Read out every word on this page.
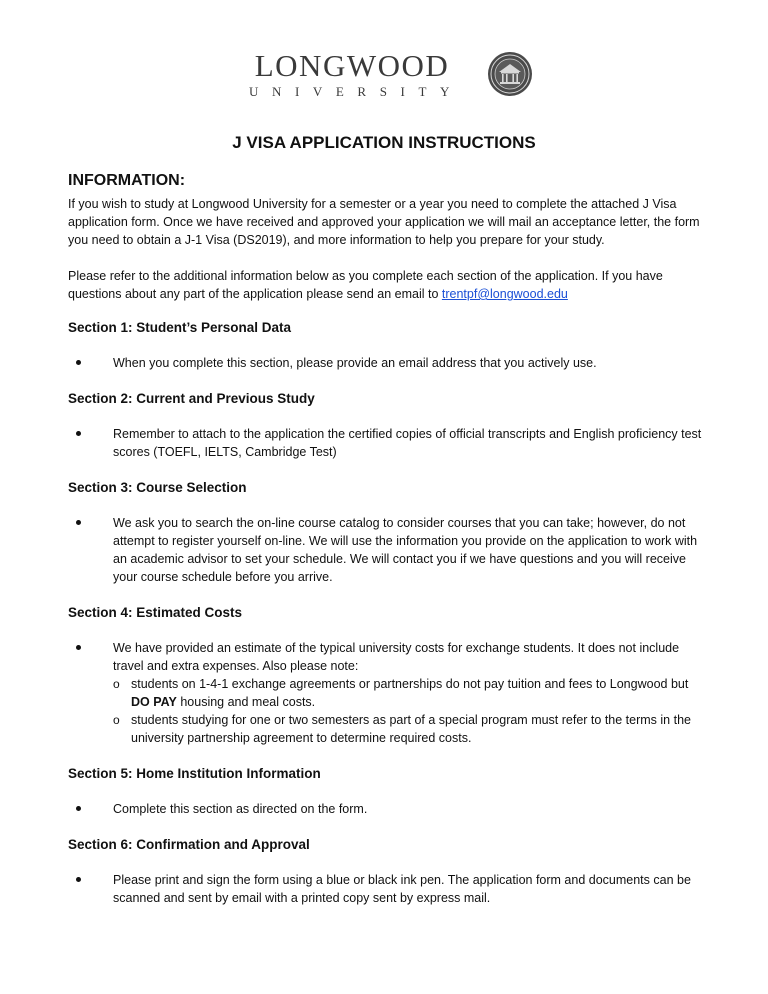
LONGWOOD
UNIVERSITY
J VISA APPLICATION INSTRUCTIONS
INFORMATION:

If you wish to study at Longwood University for a semester or a year you need to complete the attached J Visa application form. Once we have received and approved your application we will mail an acceptance letter, the form you need to obtain a J-1 Visa (DS2019), and more information to help you prepare for your study.

Please refer to the additional information below as you complete each section of the application. If you have questions about any part of the application please send an email to trentpf@longwood.edu

Section 1: Student’s Personal Data
When you complete this section, please provide an email address that you actively use.
Section 2: Current and Previous Study
Remember to attach to the application the certified copies of official transcripts and English proficiency test scores (TOEFL, IELTS, Cambridge Test)
Section 3: Course Selection
We ask you to search the on-line course catalog to consider courses that you can take; however, do not attempt to register yourself on-line. We will use the information you provide on the application to work with an academic advisor to set your schedule. We will contact you if we have questions and you will receive your course schedule before you arrive.
Section 4: Estimated Costs
We have provided an estimate of the typical university costs for exchange students. It does not include travel and extra expenses. Also please note:
o students on 1-4-1 exchange agreements or partnerships do not pay tuition and fees to Longwood but DO PAY housing and meal costs.
o students studying for one or two semesters as part of a special program must refer to the terms in the university partnership agreement to determine required costs.
Section 5: Home Institution Information
Complete this section as directed on the form.
Section 6: Confirmation and Approval
Please print and sign the form using a blue or black ink pen. The application form and documents can be scanned and sent by email with a printed copy sent by express mail.
